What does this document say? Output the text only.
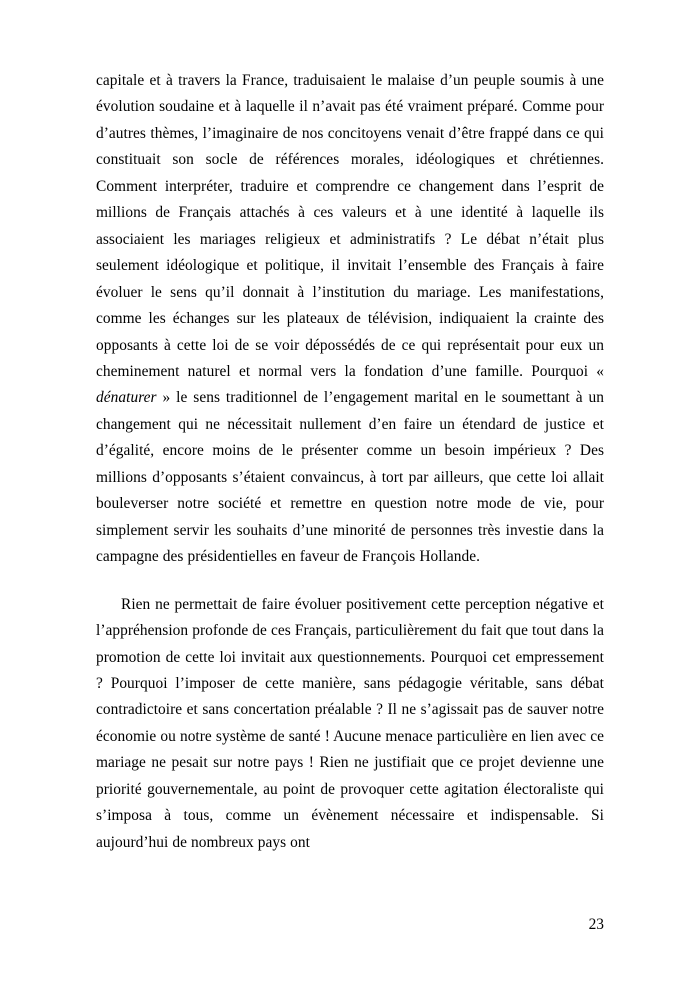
capitale et à travers la France, traduisaient le malaise d’un peuple soumis à une évolution soudaine et à laquelle il n’avait pas été vraiment préparé. Comme pour d’autres thèmes, l’imaginaire de nos concitoyens venait d’être frappé dans ce qui constituait son socle de références morales, idéologiques et chrétiennes. Comment interpréter, traduire et comprendre ce changement dans l’esprit de millions de Français attachés à ces valeurs et à une identité à laquelle ils associaient les mariages religieux et administratifs ? Le débat n’était plus seulement idéologique et politique, il invitait l’ensemble des Français à faire évoluer le sens qu’il donnait à l’institution du mariage. Les manifestations, comme les échanges sur les plateaux de télévision, indiquaient la crainte des opposants à cette loi de se voir dépossédés de ce qui représentait pour eux un cheminement naturel et normal vers la fondation d’une famille. Pourquoi « dénaturer » le sens traditionnel de l’engagement marital en le soumettant à un changement qui ne nécessitait nullement d’en faire un étendard de justice et d’égalité, encore moins de le présenter comme un besoin impérieux ? Des millions d’opposants s’étaient convaincus, à tort par ailleurs, que cette loi allait bouleverser notre société et remettre en question notre mode de vie, pour simplement servir les souhaits d’une minorité de personnes très investie dans la campagne des présidentielles en faveur de François Hollande.

Rien ne permettait de faire évoluer positivement cette perception négative et l’appréhension profonde de ces Français, particulièrement du fait que tout dans la promotion de cette loi invitait aux questionnements. Pourquoi cet empressement ? Pourquoi l’imposer de cette manière, sans pédagogie véritable, sans débat contradictoire et sans concertation préalable ? Il ne s’agissait pas de sauver notre économie ou notre système de santé ! Aucune menace particulière en lien avec ce mariage ne pesait sur notre pays ! Rien ne justifiait que ce projet devienne une priorité gouvernementale, au point de provoquer cette agitation électoraliste qui s’imposa à tous, comme un évènement nécessaire et indispensable. Si aujourd’hui de nombreux pays ont

23
